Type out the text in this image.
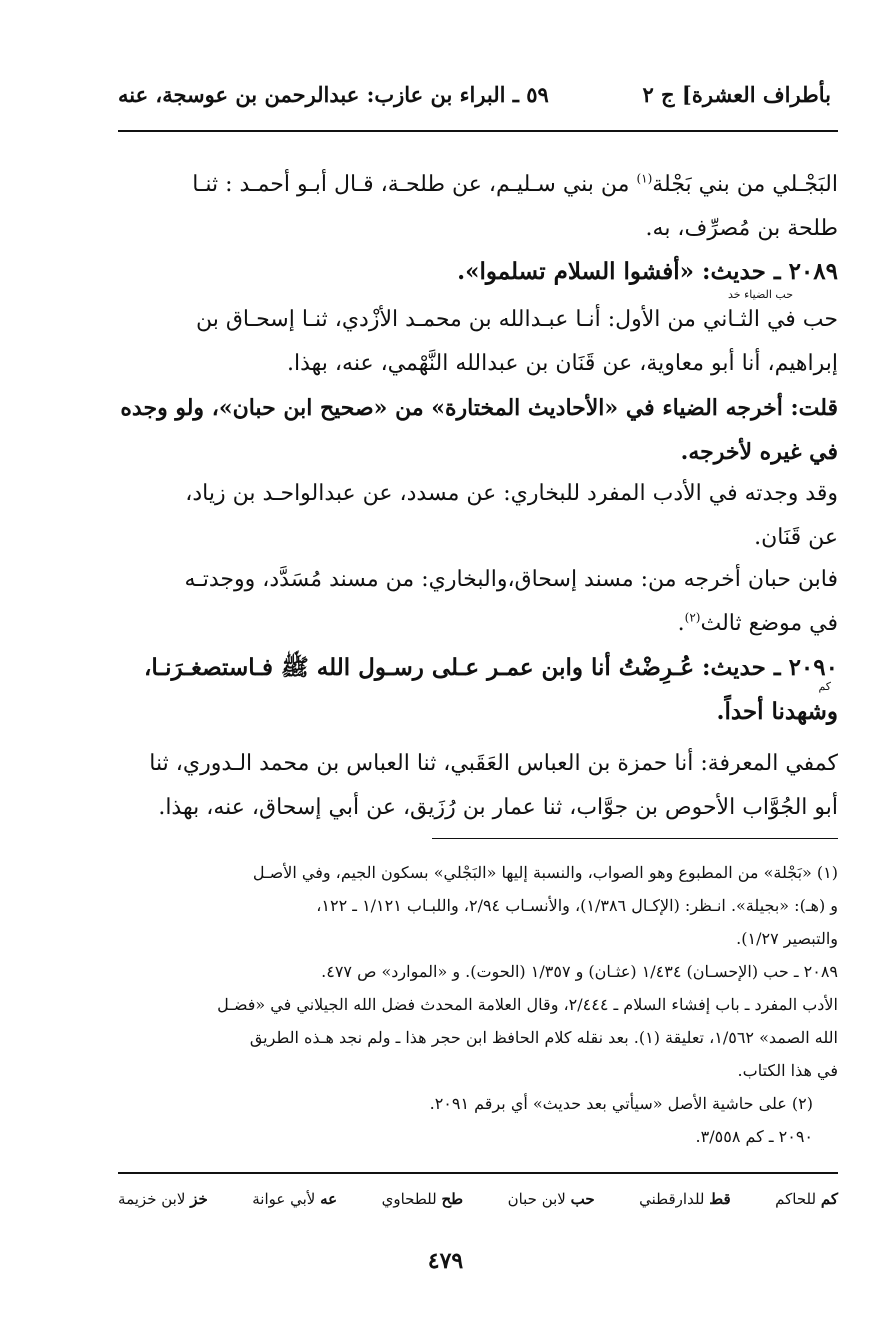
بأطراف العشرة] ج ٢
٥٩ ـ البراء بن عازب: عبدالرحمن بن عوسجة، عنه
البَجْـلي من بني بَجْلة$^{(١)}$ من بني سـليـم، عن طلحـة، قـال أبـو أحمـد : ثنـا
طلحة بن مُصرِّف، به.
٢٠٨٩ ـ حديث: «أفشوا السلام تسلموا».
حب الضياء خد
حب في الثـاني من الأول: أنـا عبـدالله بن محمـد الأزْدي، ثنـا إسحـاق بن
إبراهيم، أنا أبو معاوية، عن قَنَان بن عبدالله النَّهْمي، عنه، بهذا.
قلت: أخرجه الضياء في «الأحاديث المختارة» من «صحيح ابن حبان»، ولو وجده
في غيره لأخرجه.
وقد وجدته في الأدب المفرد للبخاري: عن مسدد، عن عبدالواحـد بن زياد،
عن قَنَان.
فابن حبان أخرجه من: مسند إسحاق،والبخاري: من مسند مُسَدَّد، ووجدتـه
في موضع ثالث$^{(٢)}$.
٢٠٩٠ ـ حديث: عُـرِضْتُ أنا وابن عمـر عـلى رسـول الله ﷺ فـاستصغـرَنـا،
وشهدنا أحداً.
كم
كمفي المعرفة: أنا حمزة بن العباس العَقَبي، ثنا العباس بن محمد الـدوري، ثنا
أبو الجُوَّاب الأحوص بن جوَّاب، ثنا عمار بن رُزَيق، عن أبي إسحاق، عنه، بهذا.
(١) «بَجْلة» من المطبوع وهو الصواب، والنسبة إليها «البَجْلي» بسكون الجيم، وفي الأصـل
و (هـ): «بجيلة». انـظر: (الإكـال ١/٣٨٦)، والأنسـاب ٢/٩٤، واللبـاب ١/١٢١ ـ ١٢٢،
والتبصير ١/٢٧).
٢٠٨٩ ـ حب (الإحسـان) ١/٤٣٤ (عثـان) و ١/٣٥٧ (الحوت). و «الموارد» ص ٤٧٧.
الأدب المفرد ـ باب إفشاء السلام ـ ٢/٤٤٤، وقال العلامة المحدث فضل الله الجيلاني في «فضـل
الله الصمد» ١/٥٦٢، تعليقة (١). بعد نقله كلام الحافظ ابن حجر هذا ـ ولم نجد هـذه الطريق
في هذا الكتاب.
(٢) على حاشية الأصل «سيأتي بعد حديث» أي برقم ٢٠٩١.
٢٠٩٠ ـ كم ٣/٥٥٨.
خز لابن خزيمة	عه لأبي عوانة	طح للطحاوي	حب لابن حبان	قط للدارقطني	كم للحاكم
٤٧٩
